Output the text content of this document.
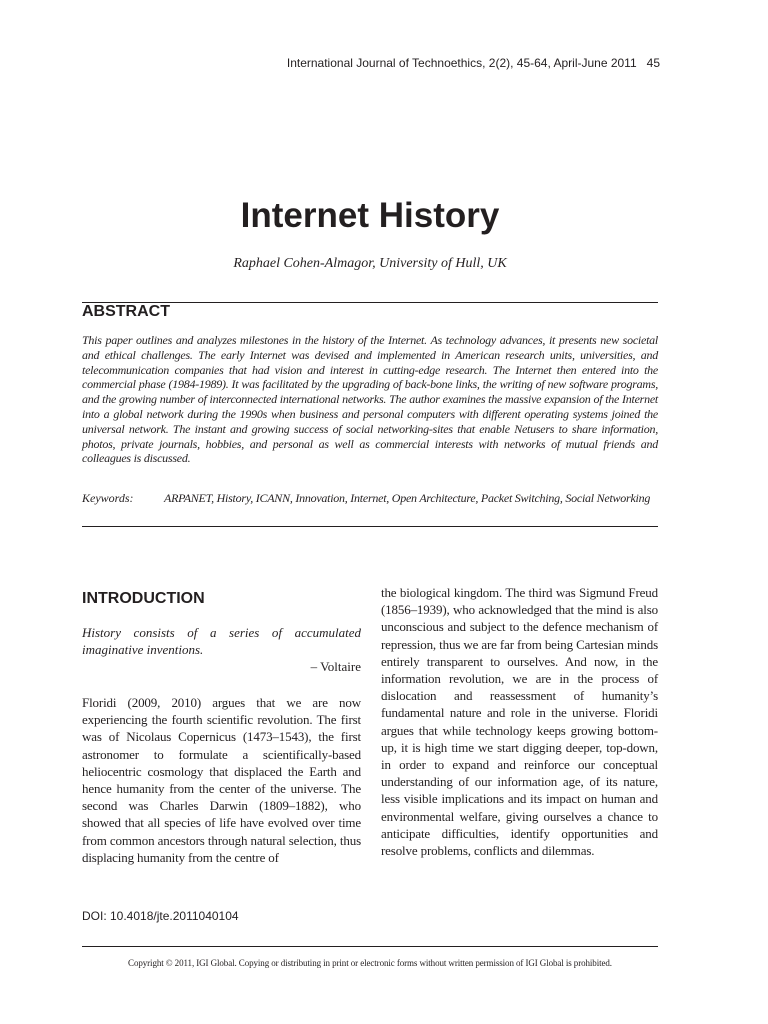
International Journal of Technoethics, 2(2), 45-64, April-June 2011 45
Internet History
Raphael Cohen-Almagor, University of Hull, UK
ABSTRACT

This paper outlines and analyzes milestones in the history of the Internet. As technology advances, it presents new societal and ethical challenges. The early Internet was devised and implemented in American research units, universities, and telecommunication companies that had vision and interest in cutting-edge research. The Internet then entered into the commercial phase (1984-1989). It was facilitated by the upgrading of back-bone links, the writing of new software programs, and the growing number of interconnected international networks. The author examines the massive expansion of the Internet into a global network during the 1990s when business and personal computers with different operating systems joined the universal network. The instant and growing success of social networking-sites that enable Netusers to share information, photos, private journals, hobbies, and personal as well as commercial interests with networks of mutual friends and colleagues is discussed.

Keywords:	ARPANET, History, ICANN, Innovation, Internet, Open Architecture, Packet Switching, Social Networking
INTRODUCTION

History consists of a series of accumulated imaginative inventions.

– Voltaire

Floridi (2009, 2010) argues that we are now experiencing the fourth scientific revolution. The first was of Nicolaus Copernicus (1473–1543), the first astronomer to formulate a scientifically-based heliocentric cosmology that displaced the Earth and hence humanity from the center of the universe. The second was Charles Darwin (1809–1882), who showed that all species of life have evolved over time from common ancestors through natural selection, thus displacing humanity from the centre of

the biological kingdom. The third was Sigmund Freud (1856–1939), who acknowledged that the mind is also unconscious and subject to the defence mechanism of repression, thus we are far from being Cartesian minds entirely transparent to ourselves. And now, in the information revolution, we are in the process of dislocation and reassessment of humanity’s fundamental nature and role in the universe. Floridi argues that while technology keeps growing bottom-up, it is high time we start digging deeper, top-down, in order to expand and reinforce our conceptual understanding of our information age, of its nature, less visible implications and its impact on human and environmental welfare, giving ourselves a chance to anticipate difficulties, identify opportunities and resolve problems, conflicts and dilemmas.

DOI: 10.4018/jte.2011040104
Copyright © 2011, IGI Global. Copying or distributing in print or electronic forms without written permission of IGI Global is prohibited.
